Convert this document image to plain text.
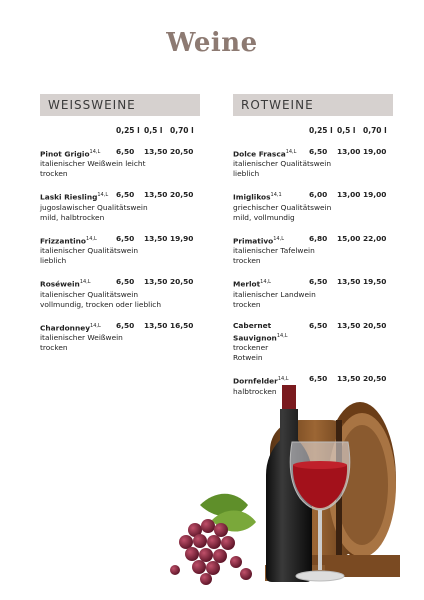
Weine
WEISSWEINE
0,25 l 0,5 l 0,70 l
Pinot Grigio$^{14,L}$
italienischer Weißwein leicht trocken
6,50 13,50 20,50
Laski Riesling$^{14,L}$
jugoslawischer Qualitätswein mild, halbtrocken
6,50 13,50 20,50
Frizzantino$^{14,L}$
italienischer Qualitätswein lieblich
6,50 13,50 19,90
Roséwein$^{14,L}$
italienischer Qualitätswein vollmundig, trocken oder lieblich
6,50 13,50 20,50
Chardonney$^{14,L}$
italienischer Weißwein trocken
6,50 13,50 16,50
ROTWEINE
0,25 l 0,5 l 0,70 l
Dolce Frasca$^{14,L}$
italienischer Qualitätswein lieblich
6,50 13,00 19,00
Imiglikos$^{14,1}$
griechischer Qualitätswein mild, vollmundig
6,00 13,00 19,00
Primativo$^{14,L}$
italienischer Tafelwein trocken
6,80 15,00 22,00
Merlot$^{14,L}$
italienischer Landwein trocken
6,50 13,50 19,50
Cabernet Sauvignon$^{14,L}$
trockener Rotwein
6,50 13,50 20,50
Dornfelder$^{14,L}$
halbtrocken
6,50 13,50 20,50
